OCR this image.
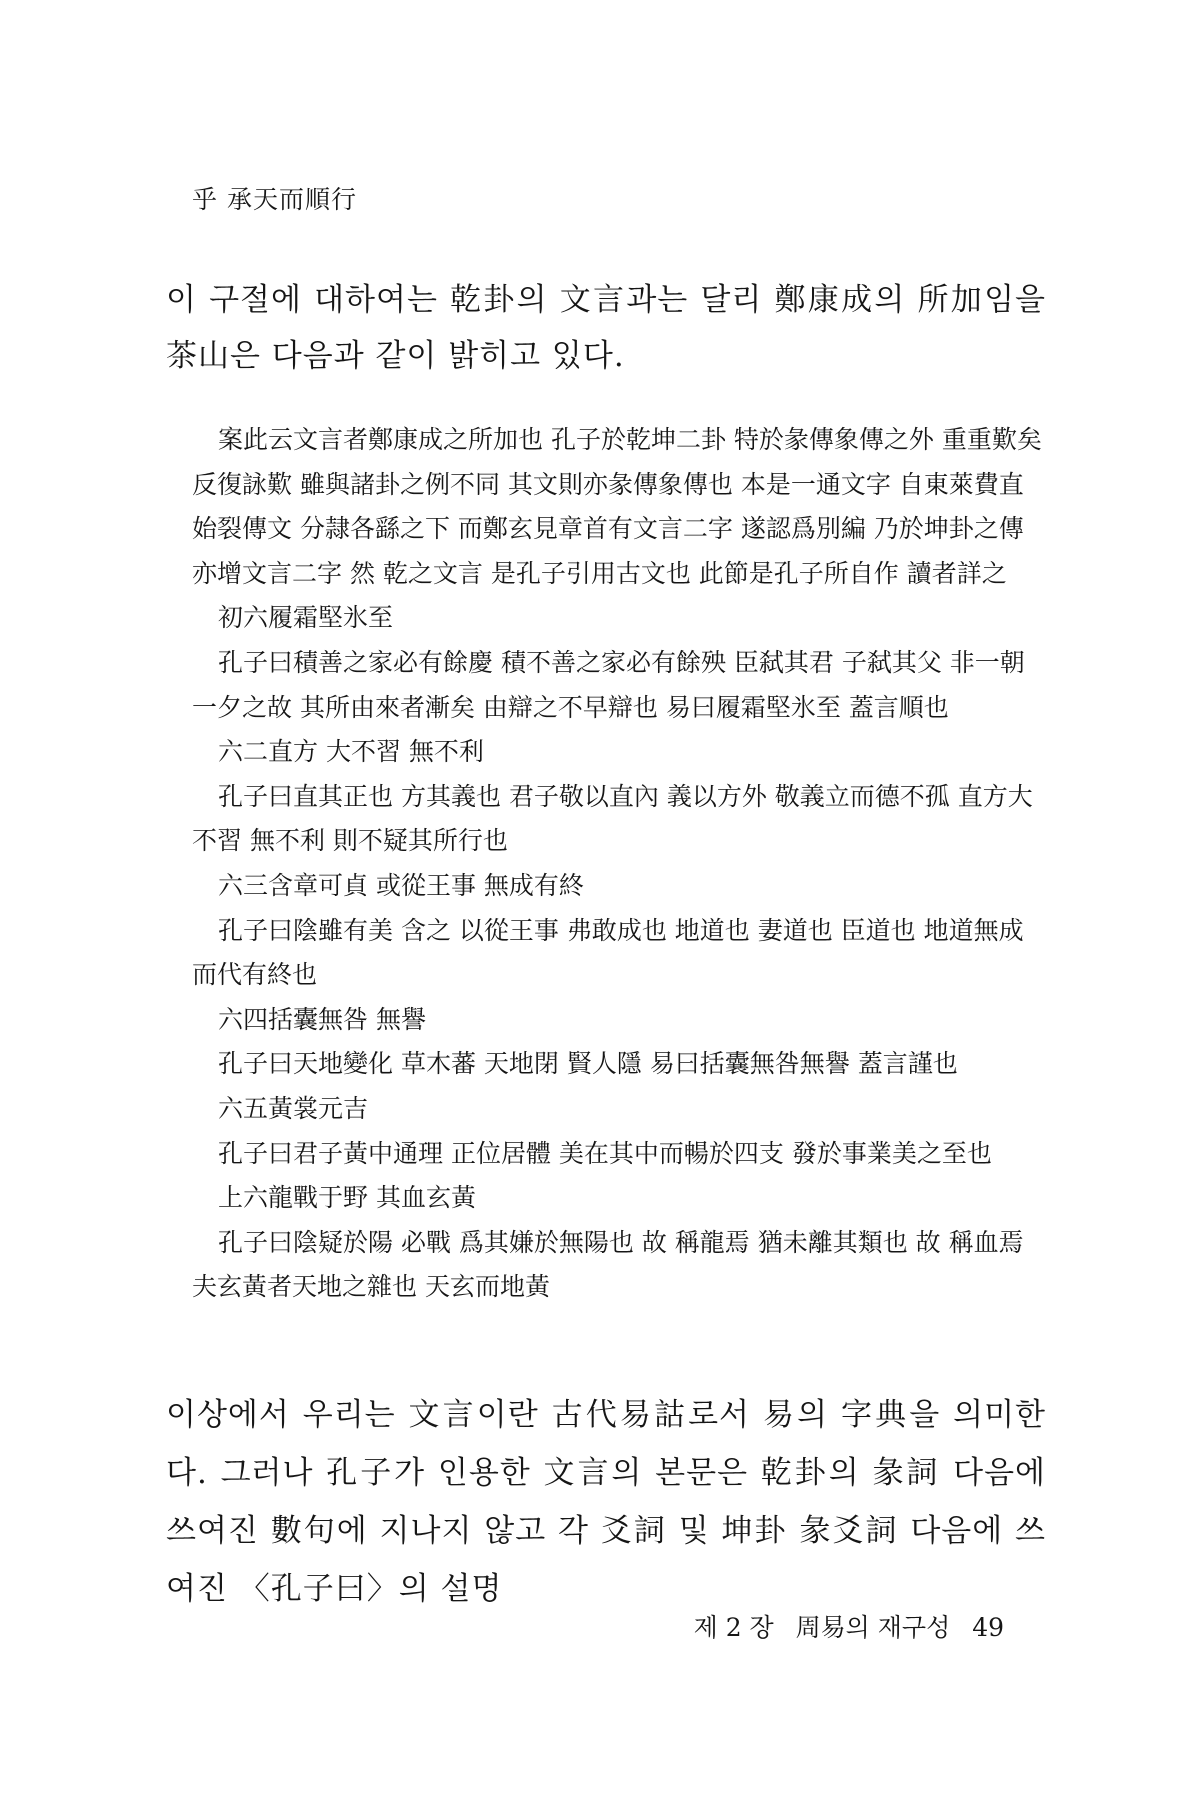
乎 承天而順行
이 구절에 대하여는 乾卦의 文言과는 달리 鄭康成의 所加임을 茶山은 다음과 같이 밝히고 있다.

案此云文言者鄭康成之所加也 孔子於乾坤二卦 特於彖傳象傳之外 重重歎矣 反復詠歎 雖與諸卦之例不同 其文則亦彖傳象傳也 本是一通文字 自東萊費直 始裂傳文 分隷各繇之下 而鄭玄見章首有文言二字 遂認爲別編 乃於坤卦之傳 亦增文言二字 然 乾之文言 是孔子引用古文也 此節是孔子所自作 讀者詳之

初六履霜堅氷至

孔子曰積善之家必有餘慶 積不善之家必有餘殃 臣弑其君 子弑其父 非一朝一夕之故 其所由來者漸矣 由辯之不早辯也 易曰履霜堅氷至 蓋言順也

六二直方 大不習 無不利

孔子曰直其正也 方其義也 君子敬以直內 義以方外 敬義立而德不孤 直方大不習 無不利 則不疑其所行也

六三含章可貞 或從王事 無成有終

孔子曰陰雖有美 含之 以從王事 弗敢成也 地道也 妻道也 臣道也 地道無成而代有終也

六四括囊無咎 無譽

孔子曰天地變化 草木蕃 天地閉 賢人隱 易曰括囊無咎無譽 蓋言謹也

六五黃裳元吉

孔子曰君子黃中通理 正位居體 美在其中而暢於四支 發於事業美之至也

上六龍戰于野 其血玄黃

孔子曰陰疑於陽 必戰 爲其嫌於無陽也 故 稱龍焉 猶未離其類也 故 稱血焉 夫玄黃者天地之雜也 天玄而地黃

이상에서 우리는 文言이란 古代易詁로서 易의 字典을 의미한다. 그러나 孔子가 인용한 文言의 본문은 乾卦의 彖詞 다음에 쓰여진 數句에 지나지 않고 각 爻詞 및 坤卦 彖爻詞 다음에 쓰여진 〈孔子曰〉의 설명
제 2 장 周易의 재구성 49
